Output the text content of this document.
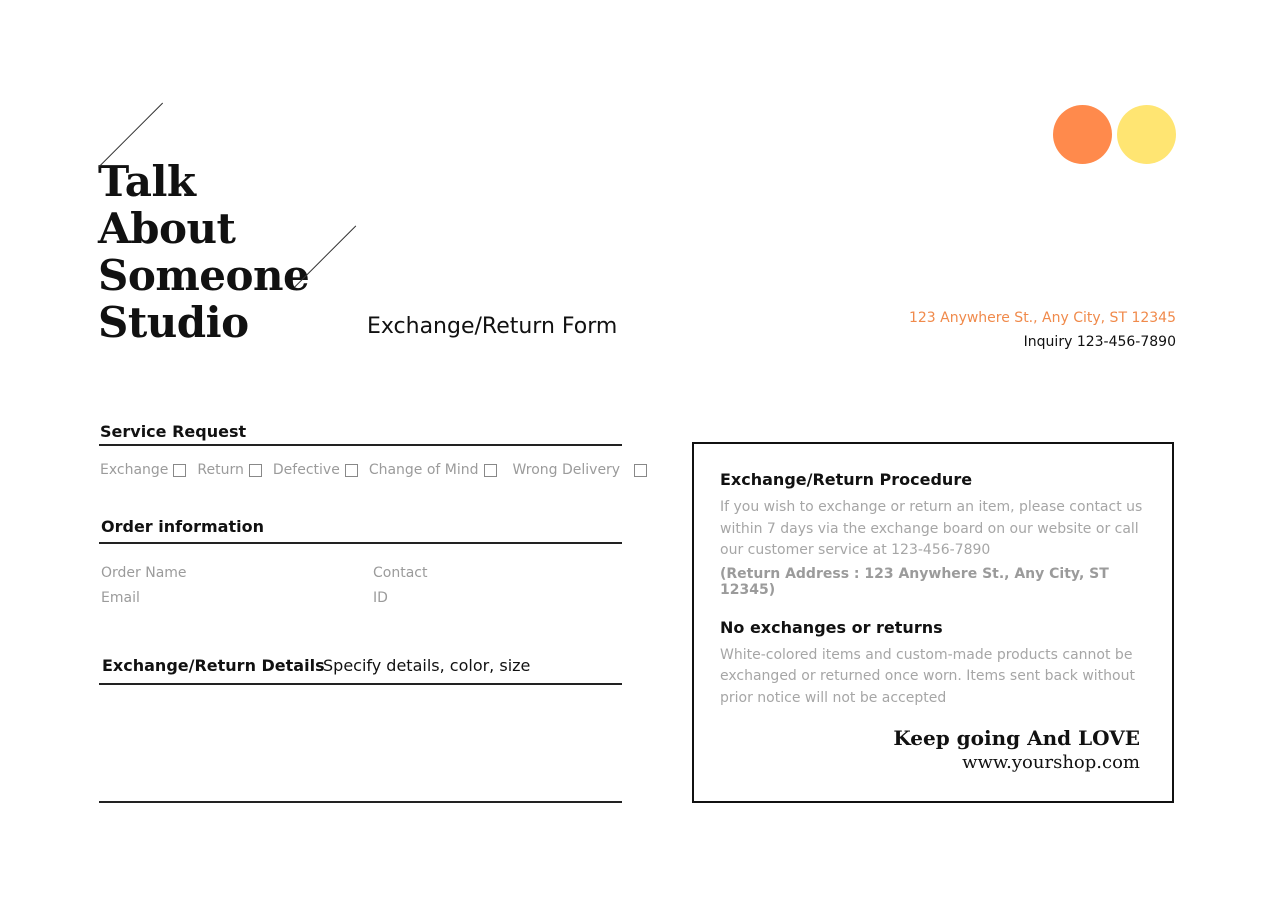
Talk
About
Someone
Studio	Exchange/Return Form	123 Anywhere St., Any City, ST 12345
Inquiry 123-456-7890
Service Request
Exchange Return Defective Change of Mind Wrong Delivery
Order information
Order Name	Contact
Email	ID
Exchange/Return Details
Specify details, color, size

Exchange/Return Procedure

If you wish to exchange or return an item, please contact us within 7 days via the exchange board on our website or call our customer service at 123-456-7890

(Return Address : 123 Anywhere St., Any City, ST 12345)

No exchanges or returns

White-colored items and custom-made products cannot be exchanged or returned once worn. Items sent back without prior notice will not be accepted

Keep going And LOVE
www.yourshop.com
